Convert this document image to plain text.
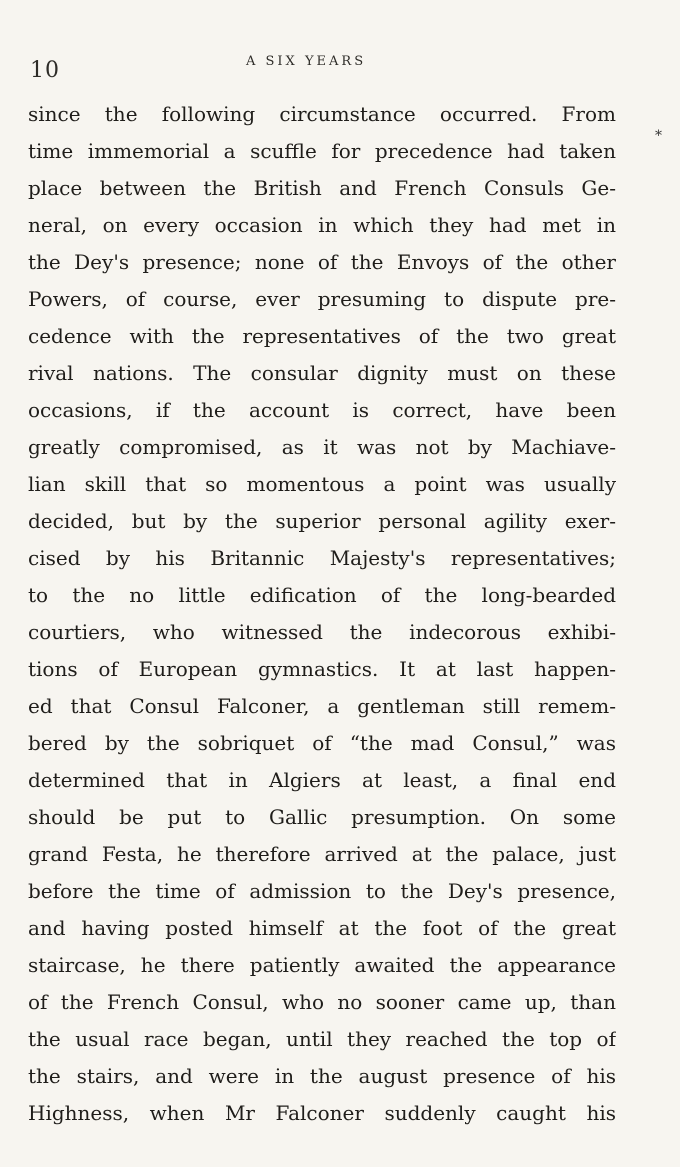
10	A SIX YEARS
*
since the following circumstance occurred. From
time immemorial a scuffle for precedence had taken
place between the British and French Consuls Ge-
neral, on every occasion in which they had met in
the Dey's presence; none of the Envoys of the other
Powers, of course, ever presuming to dispute pre-
cedence with the representatives of the two great
rival nations. The consular dignity must on these
occasions, if the account is correct, have been
greatly compromised, as it was not by Machiave-
lian skill that so momentous a point was usually
decided, but by the superior personal agility exer-
cised by his Britannic Majesty's representatives;
to the no little edification of the long-bearded
courtiers, who witnessed the indecorous exhibi-
tions of European gymnastics. It at last happen-
ed that Consul Falconer, a gentleman still remem-
bered by the sobriquet of “the mad Consul,” was
determined that in Algiers at least, a final end
should be put to Gallic presumption. On some
grand Festa, he therefore arrived at the palace, just
before the time of admission to the Dey's presence,
and having posted himself at the foot of the great
staircase, he there patiently awaited the appearance
of the French Consul, who no sooner came up, than
the usual race began, until they reached the top of
the stairs, and were in the august presence of his
Highness, when Mr Falconer suddenly caught his
